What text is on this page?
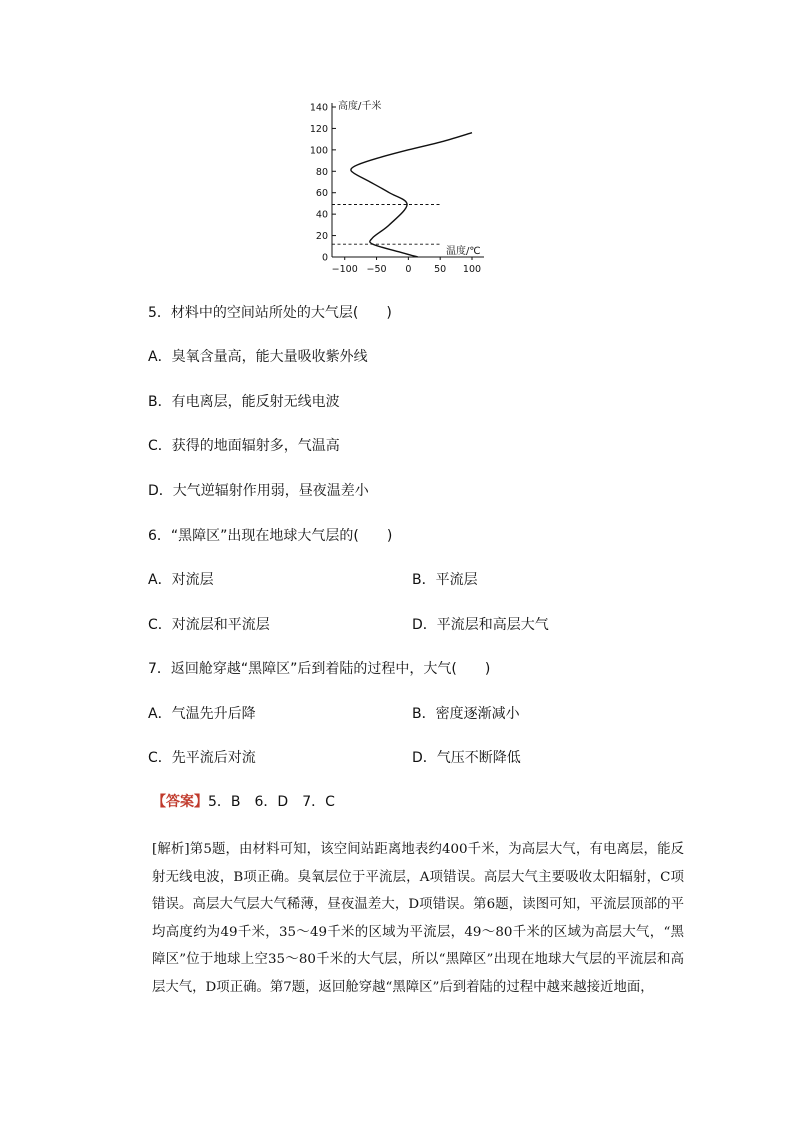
0
20
40
60
80
100
120
140
−100 −50 0 50 100
高度/千米
温度/℃
5．材料中的空间站所处的大气层(　　)
A．臭氧含量高，能大量吸收紫外线
B．有电离层，能反射无线电波
C．获得的地面辐射多，气温高
D．大气逆辐射作用弱，昼夜温差小
6．“黑障区”出现在地球大气层的(　　)
A．对流层	B．平流层
C．对流层和平流层	D．平流层和高层大气
7．返回舱穿越“黑障区”后到着陆的过程中，大气(　　)
A．气温先升后降	B．密度逐渐减小
C．先平流后对流	D．气压不断降低
【答案】5．B　6．D　7．C
[解析]第5题，由材料可知，该空间站距离地表约400千米，为高层大气，有电离层，能反射无线电波，B项正确。臭氧层位于平流层，A项错误。高层大气主要吸收太阳辐射，C项错误。高层大气层大气稀薄，昼夜温差大，D项错误。第6题，读图可知，平流层顶部的平均高度约为49千米，35～49千米的区域为平流层，49～80千米的区域为高层大气，“黑障区”位于地球上空35～80千米的大气层，所以“黑障区”出现在地球大气层的平流层和高层大气，D项正确。第7题，返回舱穿越“黑障区”后到着陆的过程中越来越接近地面，
